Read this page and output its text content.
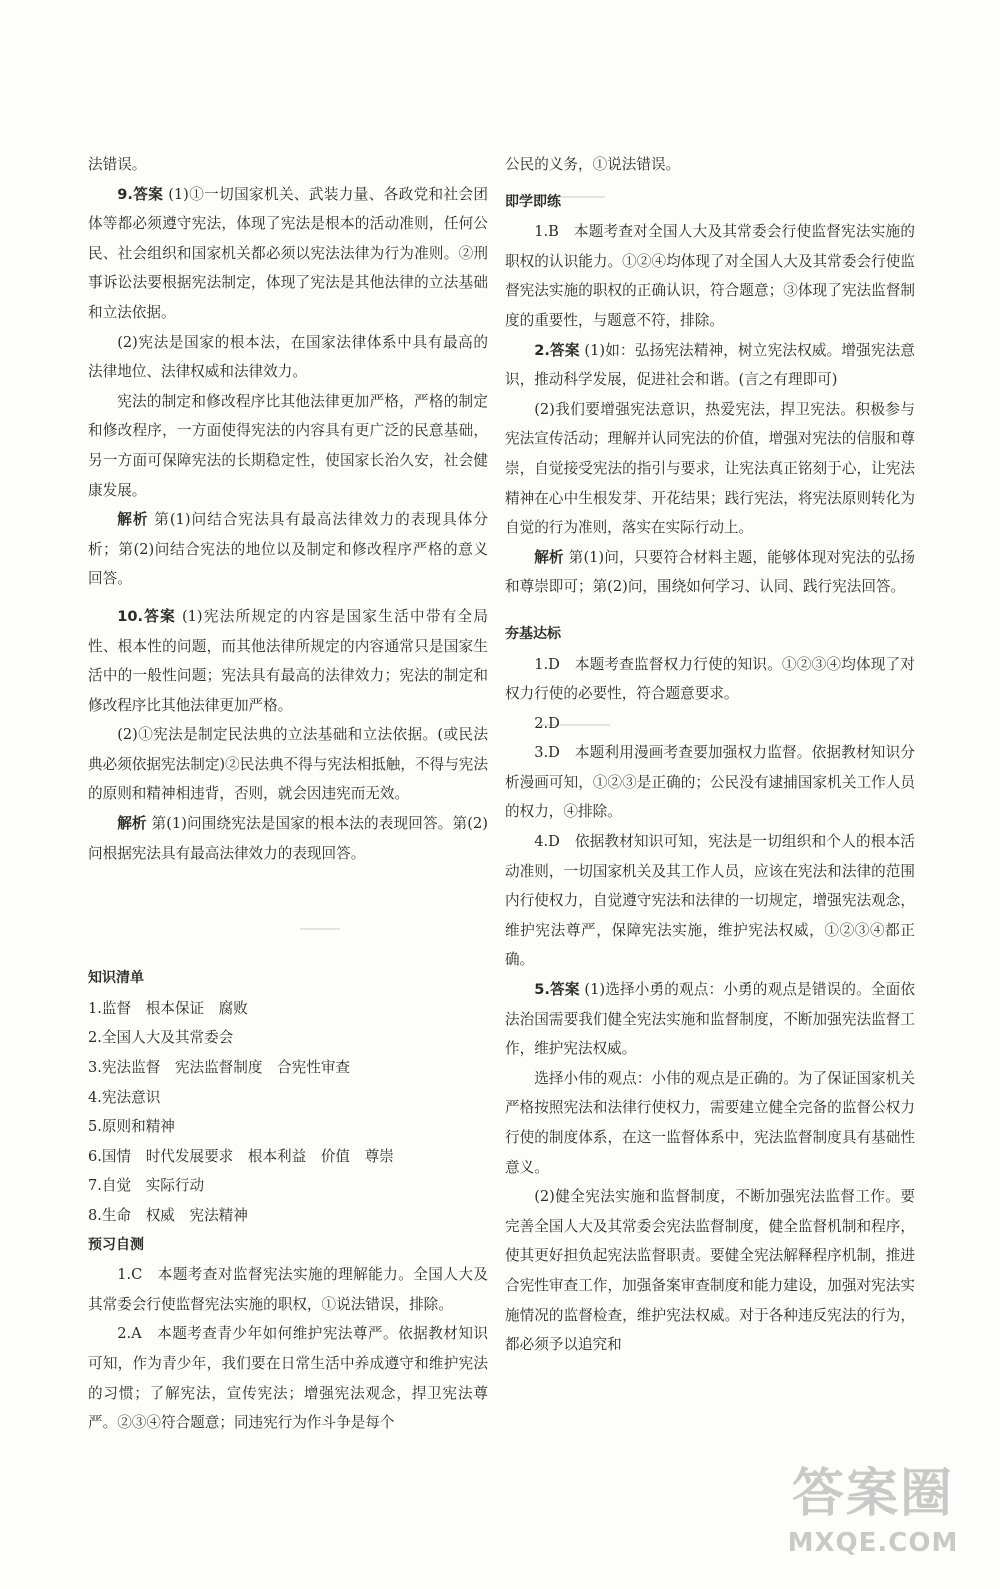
法错误。

9.答案 (1)①一切国家机关、武装力量、各政党和社会团体等都必须遵守宪法，体现了宪法是根本的活动准则，任何公民、社会组织和国家机关都必须以宪法法律为行为准则。②刑事诉讼法要根据宪法制定，体现了宪法是其他法律的立法基础和立法依据。

(2)宪法是国家的根本法，在国家法律体系中具有最高的法律地位、法律权威和法律效力。

宪法的制定和修改程序比其他法律更加严格，严格的制定和修改程序，一方面使得宪法的内容具有更广泛的民意基础，另一方面可保障宪法的长期稳定性，使国家长治久安，社会健康发展。

解析 第(1)问结合宪法具有最高法律效力的表现具体分析；第(2)问结合宪法的地位以及制定和修改程序严格的意义回答。

10.答案 (1)宪法所规定的内容是国家生活中带有全局性、根本性的问题，而其他法律所规定的内容通常只是国家生活中的一般性问题；宪法具有最高的法律效力；宪法的制定和修改程序比其他法律更加严格。

(2)①宪法是制定民法典的立法基础和立法依据。(或民法典必须依据宪法制定)②民法典不得与宪法相抵触，不得与宪法的原则和精神相违背，否则，就会因违宪而无效。

解析 第(1)问围绕宪法是国家的根本法的表现回答。第(2)问根据宪法具有最高法律效力的表现回答。

知识清单

1.监督　根本保证　腐败

2.全国人大及其常委会

3.宪法监督　宪法监督制度　合宪性审查

4.宪法意识

5.原则和精神

6.国情　时代发展要求　根本利益　价值　尊崇

7.自觉　实际行动

8.生命　权威　宪法精神

预习自测

1.C　本题考查对监督宪法实施的理解能力。全国人大及其常委会行使监督宪法实施的职权，①说法错误，排除。

2.A　本题考查青少年如何维护宪法尊严。依据教材知识可知，作为青少年，我们要在日常生活中养成遵守和维护宪法的习惯；了解宪法，宣传宪法；增强宪法观念，捍卫宪法尊严。②③④符合题意；同违宪行为作斗争是每个

公民的义务，①说法错误。

即学即练

1.B　本题考查对全国人大及其常委会行使监督宪法实施的职权的认识能力。①②④均体现了对全国人大及其常委会行使监督宪法实施的职权的正确认识，符合题意；③体现了宪法监督制度的重要性，与题意不符，排除。

2.答案 (1)如：弘扬宪法精神，树立宪法权威。增强宪法意识，推动科学发展，促进社会和谐。(言之有理即可)

(2)我们要增强宪法意识，热爱宪法，捍卫宪法。积极参与宪法宣传活动；理解并认同宪法的价值，增强对宪法的信服和尊崇，自觉接受宪法的指引与要求，让宪法真正铭刻于心，让宪法精神在心中生根发芽、开花结果；践行宪法，将宪法原则转化为自觉的行为准则，落实在实际行动上。

解析 第(1)问，只要符合材料主题，能够体现对宪法的弘扬和尊崇即可；第(2)问，围绕如何学习、认同、践行宪法回答。

夯基达标

1.D　本题考查监督权力行使的知识。①②③④均体现了对权力行使的必要性，符合题意要求。

2.D

3.D　本题利用漫画考查要加强权力监督。依据教材知识分析漫画可知，①②③是正确的；公民没有逮捕国家机关工作人员的权力，④排除。

4.D　依据教材知识可知，宪法是一切组织和个人的根本活动准则，一切国家机关及其工作人员，应该在宪法和法律的范围内行使权力，自觉遵守宪法和法律的一切规定，增强宪法观念，维护宪法尊严，保障宪法实施，维护宪法权威，①②③④都正确。

5.答案 (1)选择小勇的观点：小勇的观点是错误的。全面依法治国需要我们健全宪法实施和监督制度，不断加强宪法监督工作，维护宪法权威。

选择小伟的观点：小伟的观点是正确的。为了保证国家机关严格按照宪法和法律行使权力，需要建立健全完备的监督公权力行使的制度体系，在这一监督体系中，宪法监督制度具有基础性意义。

(2)健全宪法实施和监督制度，不断加强宪法监督工作。要完善全国人大及其常委会宪法监督制度，健全监督机制和程序，使其更好担负起宪法监督职责。要健全宪法解释程序机制，推进合宪性审查工作，加强备案审查制度和能力建设，加强对宪法实施情况的监督检查，维护宪法权威。对于各种违反宪法的行为，都必须予以追究和

答案圈
MXQE.COM
